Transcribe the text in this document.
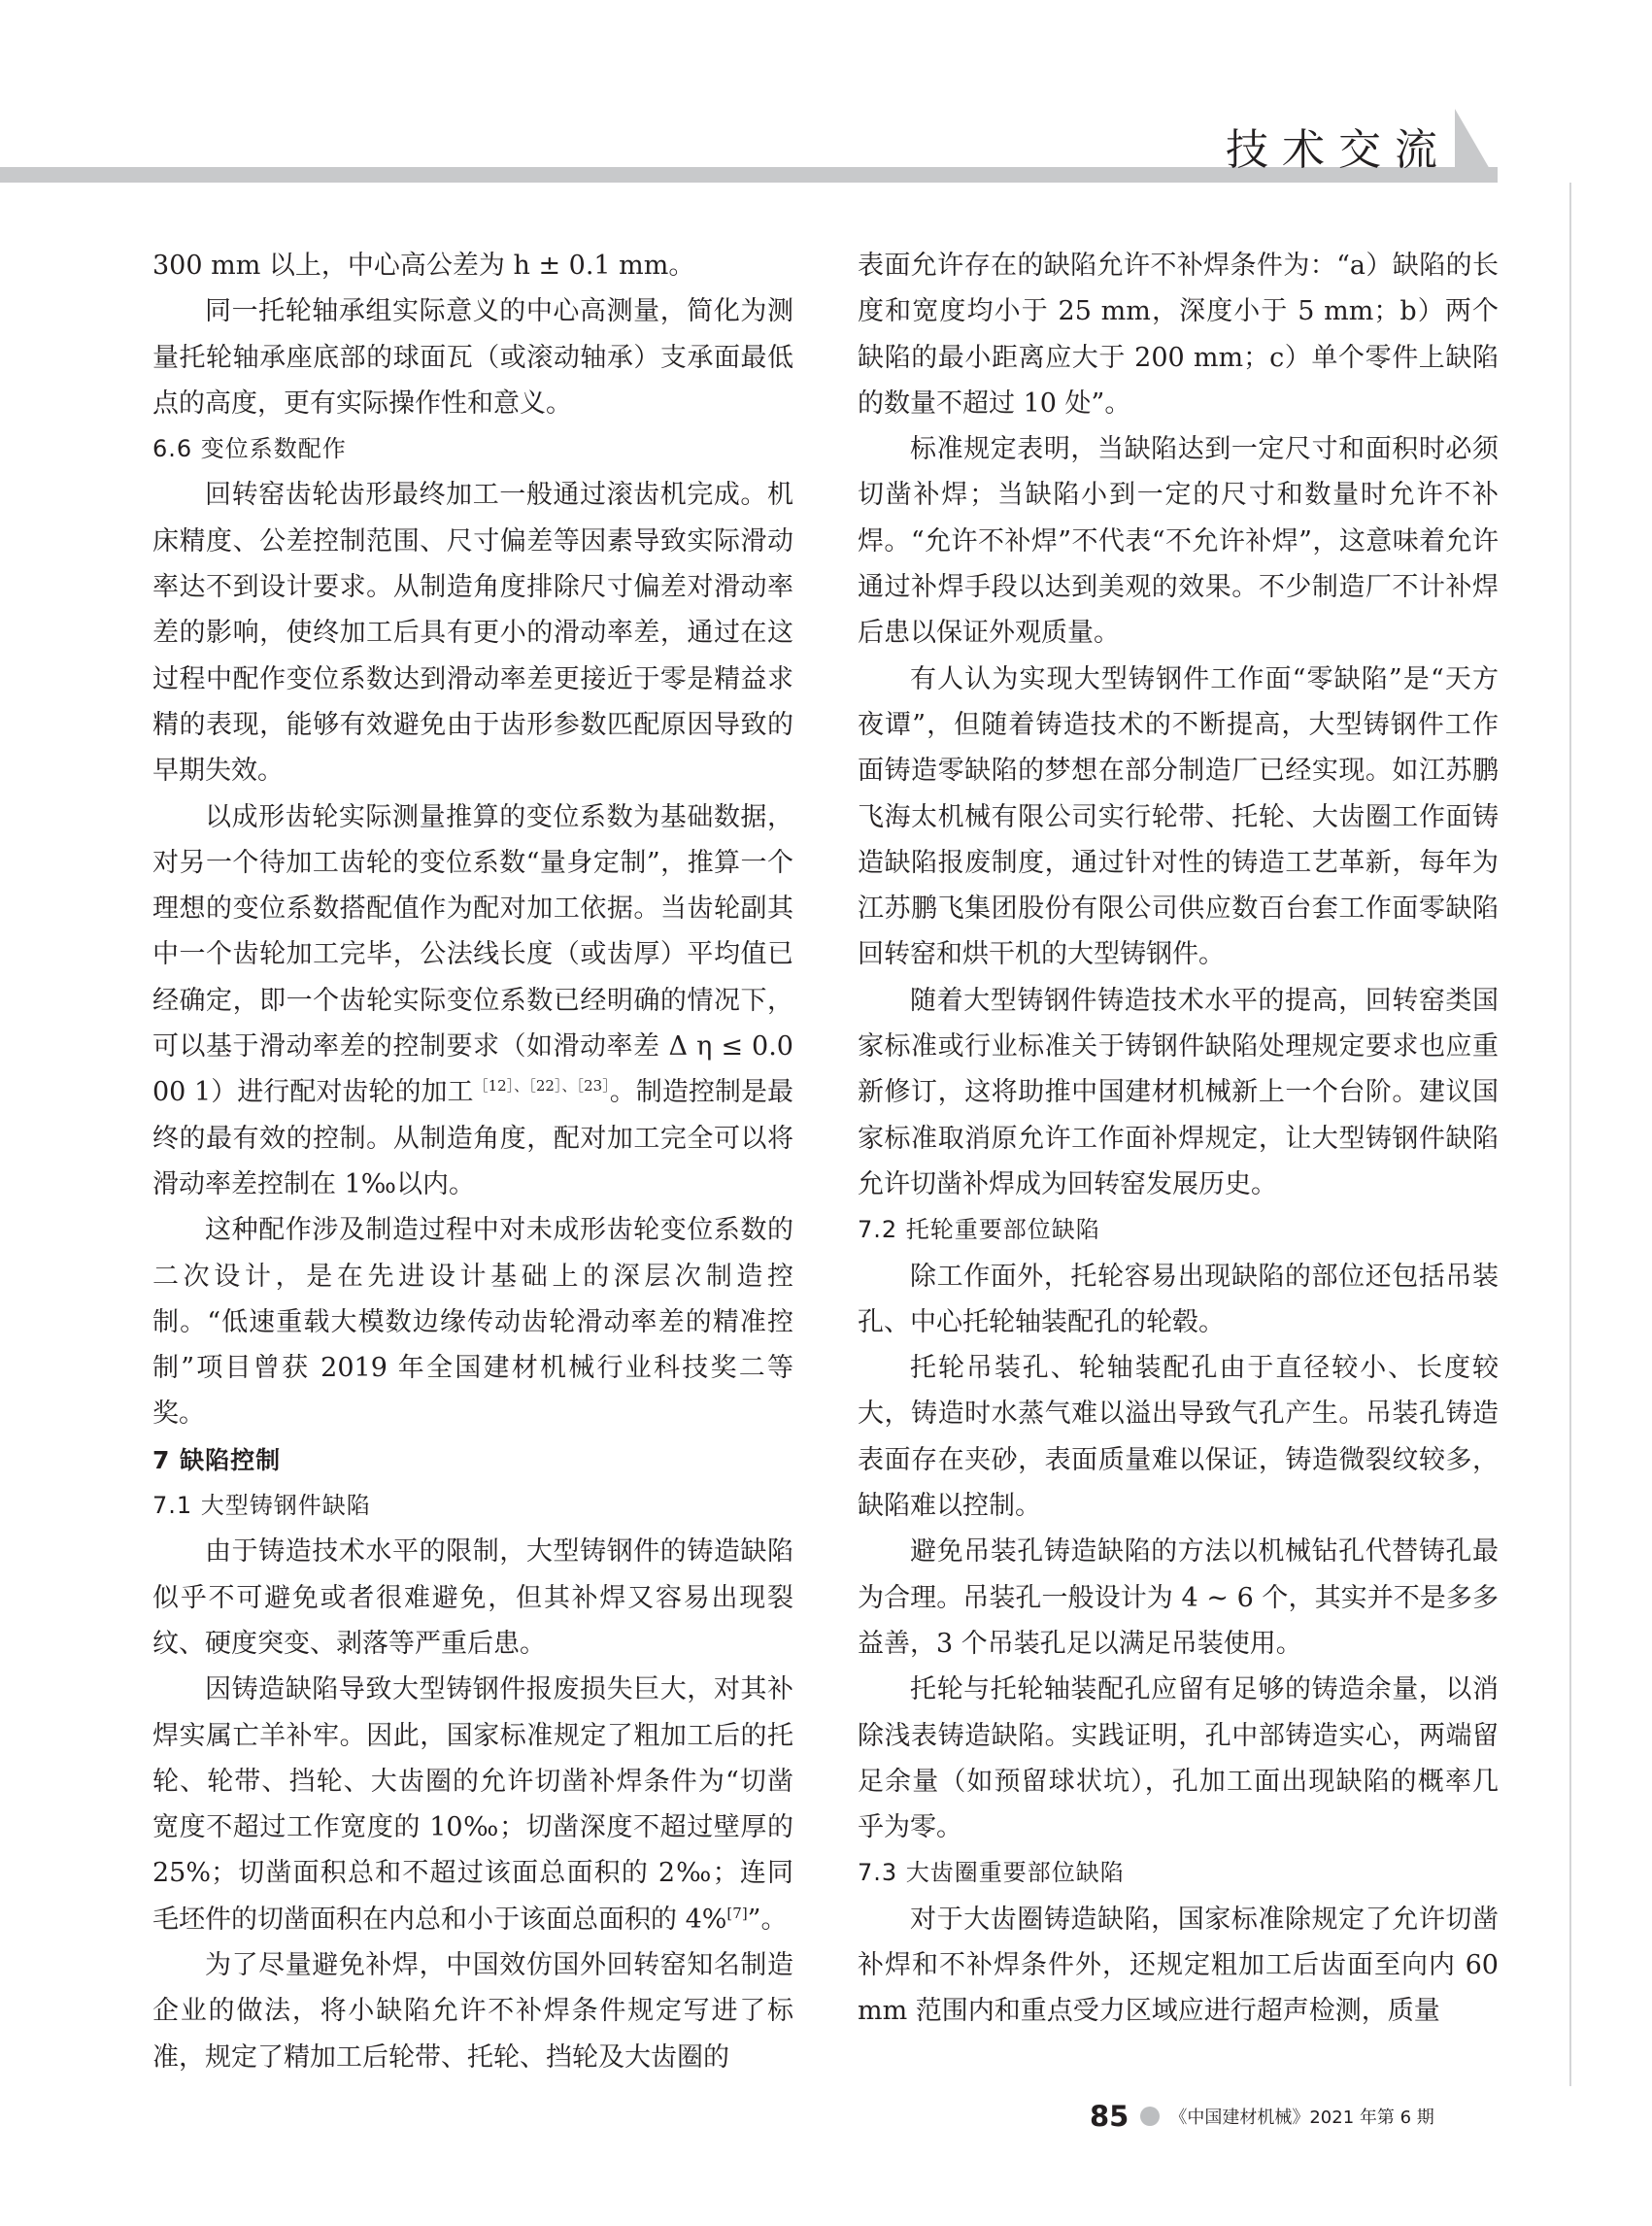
技术交流

300 mm 以上，中心高公差为 h ± 0.1 mm。

同一托轮轴承组实际意义的中心高测量，简化为测量托轮轴承座底部的球面瓦（或滚动轴承）支承面最低点的高度，更有实际操作性和意义。

6.6 变位系数配作

回转窑齿轮齿形最终加工一般通过滚齿机完成。机床精度、公差控制范围、尺寸偏差等因素导致实际滑动率达不到设计要求。从制造角度排除尺寸偏差对滑动率差的影响，使终加工后具有更小的滑动率差，通过在这过程中配作变位系数达到滑动率差更接近于零是精益求精的表现，能够有效避免由于齿形参数匹配原因导致的早期失效。

以成形齿轮实际测量推算的变位系数为基础数据，对另一个待加工齿轮的变位系数“量身定制”，推算一个理想的变位系数搭配值作为配对加工依据。当齿轮副其中一个齿轮加工完毕，公法线长度（或齿厚）平均值已经确定，即一个齿轮实际变位系数已经明确的情况下，可以基于滑动率差的控制要求（如滑动率差 Δ η ≤ 0.000 1）进行配对齿轮的加工$^{[12]、[22]、[23]}$。制造控制是最终的最有效的控制。从制造角度，配对加工完全可以将滑动率差控制在 1‰以内。

这种配作涉及制造过程中对未成形齿轮变位系数的二次设计，是在先进设计基础上的深层次制造控制。“低速重载大模数边缘传动齿轮滑动率差的精准控制”项目曾获 2019 年全国建材机械行业科技奖二等奖。

7 缺陷控制
7.1 大型铸钢件缺陷

由于铸造技术水平的限制，大型铸钢件的铸造缺陷似乎不可避免或者很难避免，但其补焊又容易出现裂纹、硬度突变、剥落等严重后患。

因铸造缺陷导致大型铸钢件报废损失巨大，对其补焊实属亡羊补牢。因此，国家标准规定了粗加工后的托轮、轮带、挡轮、大齿圈的允许切凿补焊条件为“切凿宽度不超过工作宽度的 10‰；切凿深度不超过壁厚的 25%；切凿面积总和不超过该面总面积的 2‰；连同毛坯件的切凿面积在内总和小于该面总面积的 4%[7]”。

为了尽量避免补焊，中国效仿国外回转窑知名制造企业的做法，将小缺陷允许不补焊条件规定写进了标准，规定了精加工后轮带、托轮、挡轮及大齿圈的

表面允许存在的缺陷允许不补焊条件为：“a）缺陷的长度和宽度均小于 25 mm，深度小于 5 mm；b）两个缺陷的最小距离应大于 200 mm；c）单个零件上缺陷的数量不超过 10 处”。

标准规定表明，当缺陷达到一定尺寸和面积时必须切凿补焊；当缺陷小到一定的尺寸和数量时允许不补焊。“允许不补焊”不代表“不允许补焊”，这意味着允许通过补焊手段以达到美观的效果。不少制造厂不计补焊后患以保证外观质量。

有人认为实现大型铸钢件工作面“零缺陷”是“天方夜谭”，但随着铸造技术的不断提高，大型铸钢件工作面铸造零缺陷的梦想在部分制造厂已经实现。如江苏鹏飞海太机械有限公司实行轮带、托轮、大齿圈工作面铸造缺陷报废制度，通过针对性的铸造工艺革新，每年为江苏鹏飞集团股份有限公司供应数百台套工作面零缺陷回转窑和烘干机的大型铸钢件。

随着大型铸钢件铸造技术水平的提高，回转窑类国家标准或行业标准关于铸钢件缺陷处理规定要求也应重新修订，这将助推中国建材机械新上一个台阶。建议国家标准取消原允许工作面补焊规定，让大型铸钢件缺陷允许切凿补焊成为回转窑发展历史。

7.2 托轮重要部位缺陷

除工作面外，托轮容易出现缺陷的部位还包括吊装孔、中心托轮轴装配孔的轮毂。

托轮吊装孔、轮轴装配孔由于直径较小、长度较大，铸造时水蒸气难以溢出导致气孔产生。吊装孔铸造表面存在夹砂，表面质量难以保证，铸造微裂纹较多，缺陷难以控制。

避免吊装孔铸造缺陷的方法以机械钻孔代替铸孔最为合理。吊装孔一般设计为 4 ~ 6 个，其实并不是多多益善，3 个吊装孔足以满足吊装使用。

托轮与托轮轴装配孔应留有足够的铸造余量，以消除浅表铸造缺陷。实践证明，孔中部铸造实心，两端留足余量（如预留球状坑），孔加工面出现缺陷的概率几乎为零。

7.3 大齿圈重要部位缺陷

对于大齿圈铸造缺陷，国家标准除规定了允许切凿补焊和不补焊条件外，还规定粗加工后齿面至向内 60 mm 范围内和重点受力区域应进行超声检测，质量

85 《中国建材机械》2021 年第 6 期
